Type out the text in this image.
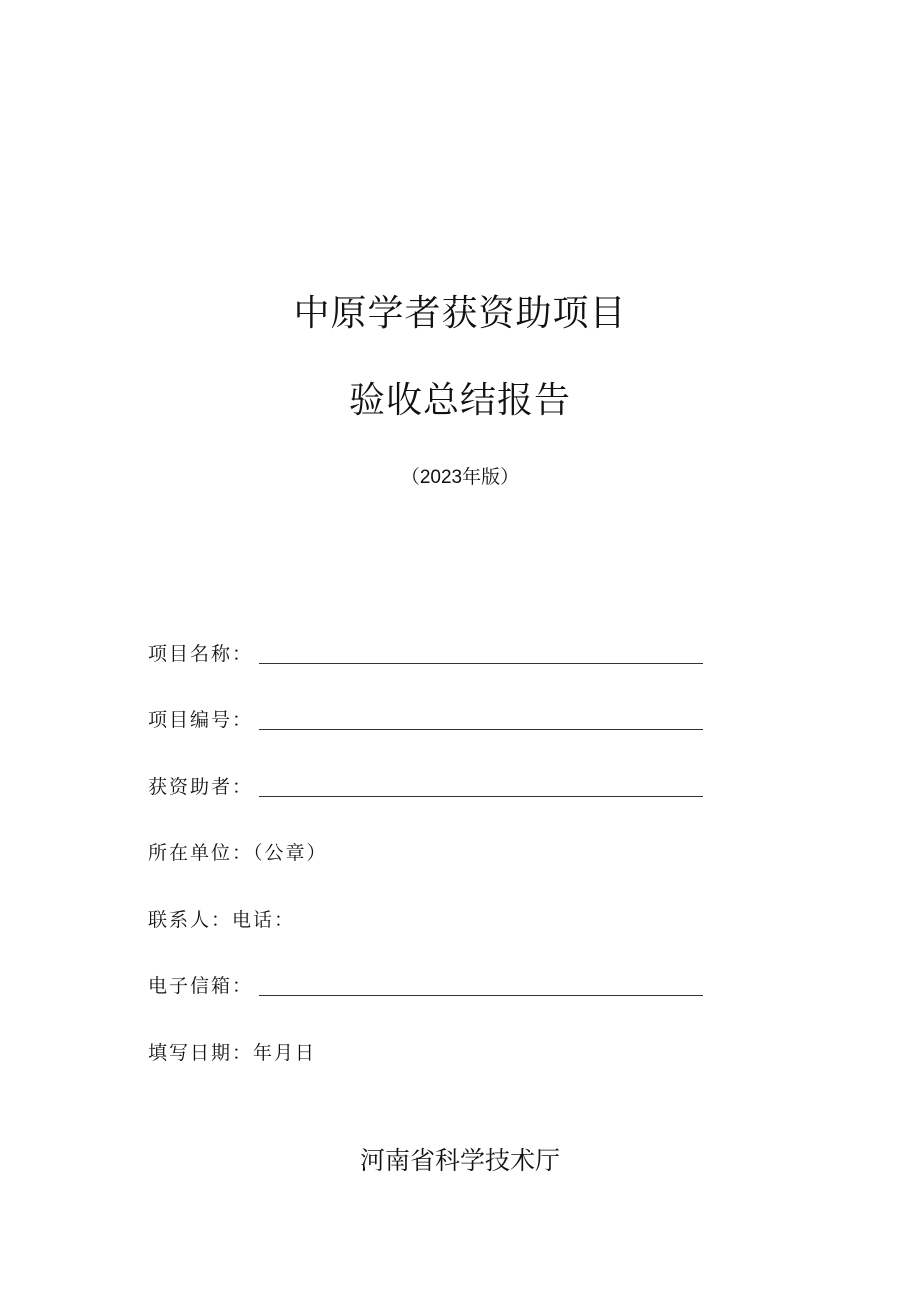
中原学者获资助项目
验收总结报告
（2023年版）
项目名称：
项目编号：
获资助者：
所在单位：（公章）
联系人：电话：
电子信箱：
填写日期：年月日
河南省科学技术厅
